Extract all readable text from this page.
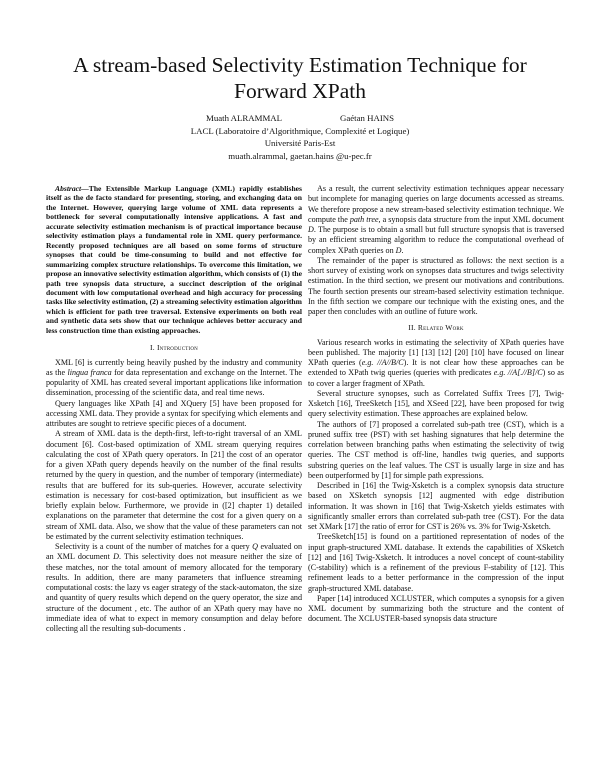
A stream-based Selectivity Estimation Technique for Forward XPath
Muath ALRAMMAL	Gaétan HAINS
LACL (Laboratoire d’Algorithmique, Complexité et Logique)
Université Paris-Est
muath.alrammal, gaetan.hains @u-pec.fr

Abstract—The Extensible Markup Language (XML) rapidly establishes itself as the de facto standard for presenting, storing, and exchanging data on the Internet. However, querying large volume of XML data represents a bottleneck for several computationally intensive applications. A fast and accurate selectivity estimation mechanism is of practical importance because selectivity estimation plays a fundamental role in XML query performance. Recently proposed techniques are all based on some forms of structure synopses that could be time-consuming to build and not effective for summarizing complex structure relationships. To overcome this limitation, we propose an innovative selectivity estimation algorithm, which consists of (1) the path tree synopsis data structure, a succinct description of the original document with low computational overhead and high accuracy for processing tasks like selectivity estimation, (2) a streaming selectivity estimation algorithm which is efficient for path tree traversal. Extensive experiments on both real and synthetic data sets show that our technique achieves better accuracy and less construction time than existing approaches.

I. Introduction

XML [6] is currently being heavily pushed by the industry and community as the lingua franca for data representation and exchange on the Internet. The popularity of XML has created several important applications like information dissemination, processing of the scientific data, and real time news.

Query languages like XPath [4] and XQuery [5] have been proposed for accessing XML data. They provide a syntax for specifying which elements and attributes are sought to retrieve specific pieces of a document.

A stream of XML data is the depth-first, left-to-right traversal of an XML document [6]. Cost-based optimization of XML stream querying requires calculating the cost of XPath query operators. In [21] the cost of an operator for a given XPath query depends heavily on the number of the final results returned by the query in question, and the number of temporary (intermediate) results that are buffered for its sub-queries. However, accurate selectivity estimation is necessary for cost-based optimization, but insufficient as we briefly explain below. Furthermore, we provide in ([2] chapter 1) detailed explanations on the parameter that determine the cost for a given query on a stream of XML data. Also, we show that the value of these parameters can not be estimated by the current selectivity estimation techniques.

Selectivity is a count of the number of matches for a query Q evaluated on an XML document D. This selectivity does not measure neither the size of these matches, nor the total amount of memory allocated for the temporary results. In addition, there are many parameters that influence streaming computational costs: the lazy vs eager strategy of the stack-automaton, the size and quantity of query results which depend on the query operator, the size and structure of the document , etc. The author of an XPath query may have no immediate idea of what to expect in memory consumption and delay before collecting all the resulting sub-documents .

As a result, the current selectivity estimation techniques appear necessary but incomplete for managing queries on large documents accessed as streams. We therefore propose a new stream-based selectivity estimation technique. We compute the path tree, a synopsis data structure from the input XML document D. The purpose is to obtain a small but full structure synopsis that is traversed by an efficient streaming algorithm to reduce the computational overhead of complex XPath queries on D.

The remainder of the paper is structured as follows: the next section is a short survey of existing work on synopses data structures and twigs selectivity estimation. In the third section, we present our motivations and contributions. The fourth section presents our stream-based selectivity estimation technique. In the fifth section we compare our technique with the existing ones, and the paper then concludes with an outline of future work.

II. Related Work

Various research works in estimating the selectivity of XPath queries have been published. The majority [1] [13] [12] [20] [10] have focused on linear XPath queries (e.g. //A//B/C). It is not clear how these approaches can be extended to XPath twig queries (queries with predicates e.g. //A[.//B]/C) so as to cover a larger fragment of XPath.

Several structure synopses, such as Correlated Suffix Trees [7], Twig-Xsketch [16], TreeSketch [15], and XSeed [22], have been proposed for twig query selectivity estimation. These approaches are explained below.

The authors of [7] proposed a correlated sub-path tree (CST), which is a pruned suffix tree (PST) with set hashing signatures that help determine the correlation between branching paths when estimating the selectivity of twig queries. The CST method is off-line, handles twig queries, and supports substring queries on the leaf values. The CST is usually large in size and has been outperformed by [1] for simple path expressions.

Described in [16] the Twig-Xsketch is a complex synopsis data structure based on XSketch synopsis [12] augmented with edge distribution information. It was shown in [16] that Twig-Xsketch yields estimates with significantly smaller errors than correlated sub-path tree (CST). For the data set XMark [17] the ratio of error for CST is 26% vs. 3% for Twig-Xsketch.

TreeSketch[15] is found on a partitioned representation of nodes of the input graph-structured XML database. It extends the capabilities of XSketch [12] and [16] Twig-Xsketch. It introduces a novel concept of count-stability (C-stability) which is a refinement of the previous F-stability of [12]. This refinement leads to a better performance in the compression of the input graph-structured XML database.

Paper [14] introduced XCLUSTER, which computes a synopsis for a given XML document by summarizing both the structure and the content of document. The XCLUSTER-based synopsis data structure
